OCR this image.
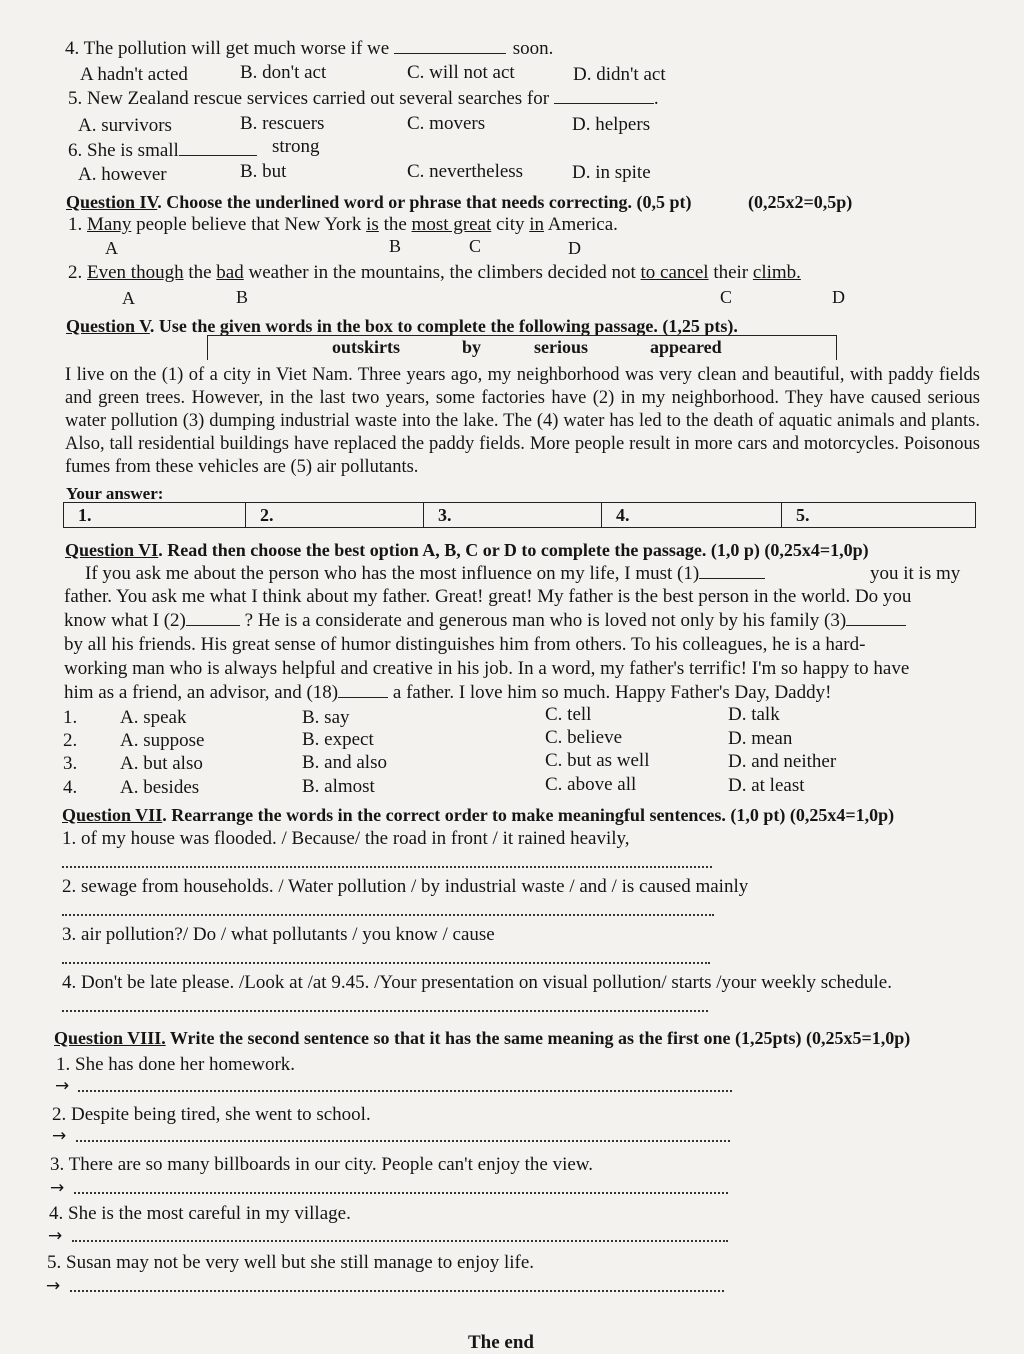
4. The pollution will get much worse if we	soon.
A hadn't acted	B. don't act	C. will not act	D. didn't act
5. New Zealand rescue services carried out several searches for	.
A. survivors	B. rescuers	C. movers	D. helpers
6. She is small	strong
A. however	B. but	C. nevertheless	D. in spite
Question IV. Choose the underlined word or phrase that needs correcting. (0,5 pt)	(0,25x2=0,5p)
1. Many people believe that New York is the most great city in America.
A	B	C	D
2. Even though the bad weather in the mountains, the climbers decided not to cancel their climb.
A	B	C	D
Question V. Use the given words in the box to complete the following passage. (1,25 pts).
outskirts	by	serious	appeared
I live on the (1) of a city in Viet Nam. Three years ago, my neighborhood was very clean and beautiful, with paddy fields and green trees. However, in the last two years, some factories have (2) in my neighborhood. They have caused serious water pollution (3) dumping industrial waste into the lake. The (4) water has led to the death of aquatic animals and plants. Also, tall residential buildings have replaced the paddy fields. More people result in more cars and motorcycles. Poisonous fumes from these vehicles are (5) air pollutants.
Your answer:
1.	2.	3.	4.	5.
Question VI. Read then choose the best option A, B, C or D to complete the passage. (1,0 p) (0,25x4=1,0p)
If you ask me about the person who has the most influence on my life, I must (1)	you it is my
father. You ask me what I think about my father. Great! great! My father is the best person in the world. Do you
know what I (2)	? He is a considerate and generous man who is loved not only by his family (3)
by all his friends. His great sense of humor distinguishes him from others. To his colleagues, he is a hard-
working man who is always helpful and creative in his job. In a word, my father's terrific! I'm so happy to have
him as a friend, an advisor, and (18)	a father. I love him so much. Happy Father's Day, Daddy!
1. A. speak	B. say	C. tell	D. talk
2. A. suppose	B. expect	C. believe	D. mean
3. A. but also	B. and also	C. but as well	D. and neither
4. A. besides	B. almost	C. above all	D. at least
Question VII. Rearrange the words in the correct order to make meaningful sentences. (1,0 pt) (0,25x4=1,0p)
1. of my house was flooded. / Because/ the road in front / it rained heavily,
2. sewage from households. / Water pollution / by industrial waste / and / is caused mainly
3. air pollution?/ Do / what pollutants / you know / cause
4. Don't be late please. /Look at /at 9.45. /Your presentation on visual pollution/ starts /your weekly schedule.
Question VIII. Write the second sentence so that it has the same meaning as the first one (1,25pts) (0,25x5=1,0p)
1. She has done her homework.
→
2. Despite being tired, she went to school.
→
3. There are so many billboards in our city. People can't enjoy the view.
→
4. She is the most careful in my village.
→
5. Susan may not be very well but she still manage to enjoy life.
→
The end
